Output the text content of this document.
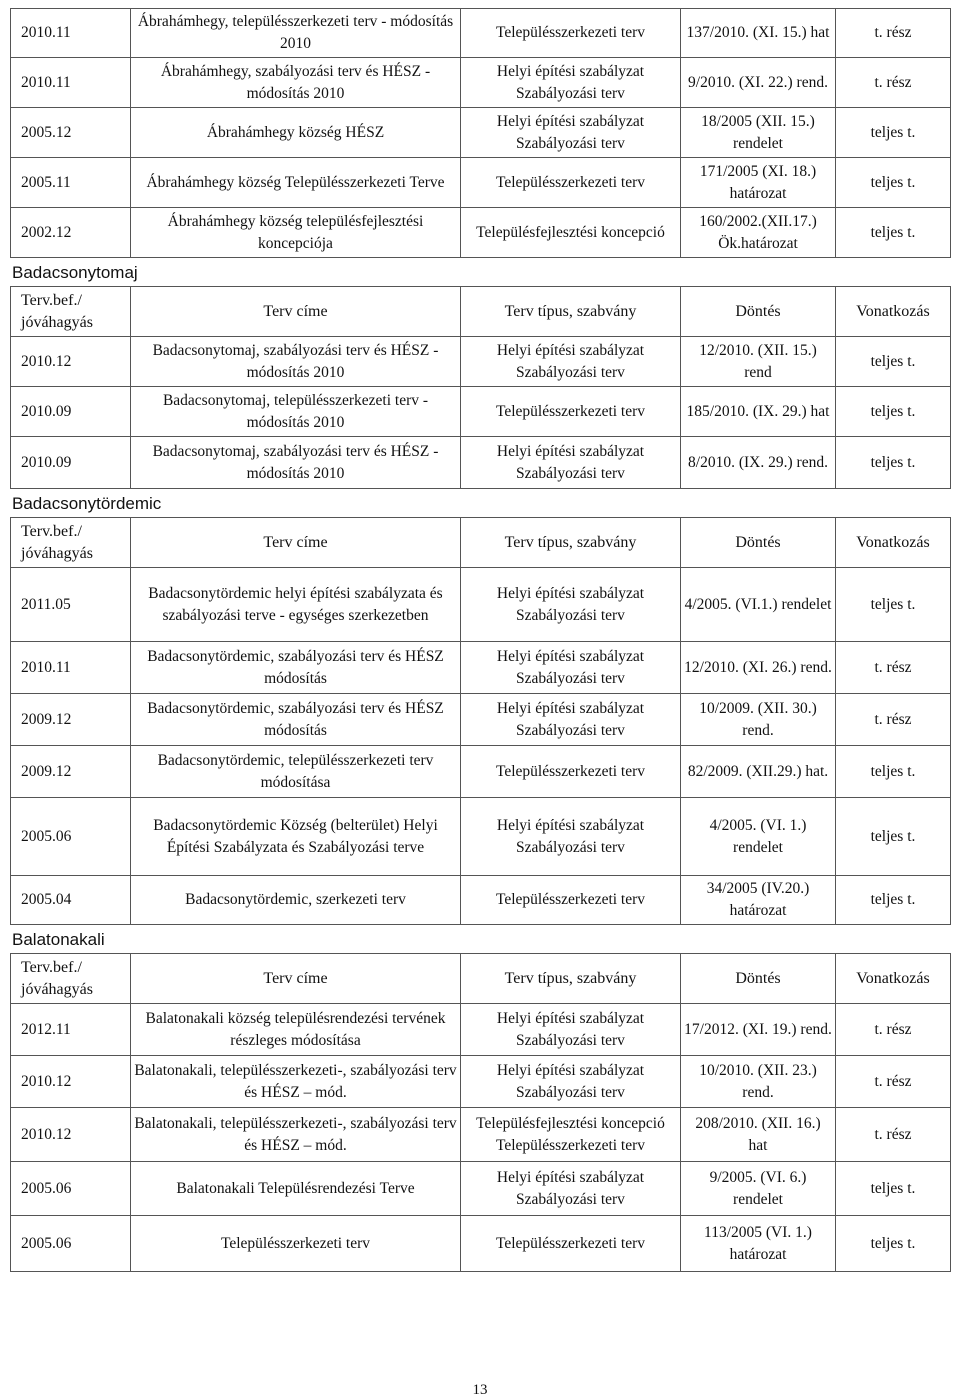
2010.11	Ábrahámhegy, településszerkezeti terv - módosítás 2010	Településszerkezeti terv	137/2010. (XI. 15.) hat	t. rész
2010.11	Ábrahámhegy, szabályozási terv és HÉSZ - módosítás 2010	Helyi építési szabályzat Szabályozási terv	9/2010. (XI. 22.) rend.	t. rész
2005.12	Ábrahámhegy község HÉSZ	Helyi építési szabályzat Szabályozási terv	18/2005 (XII. 15.) rendelet	teljes t.
2005.11	Ábrahámhegy község Településszerkezeti Terve	Településszerkezeti terv	171/2005 (XI. 18.) határozat	teljes t.
2002.12	Ábrahámhegy község településfejlesztési koncepciója	Településfejlesztési koncepció	160/2002.(XII.17.) Ök.határozat	teljes t.
Badacsonytomaj
Terv.bef./ jóváhagyás	Terv címe	Terv típus, szabvány	Döntés	Vonatkozás
2010.12	Badacsonytomaj, szabályozási terv és HÉSZ - módosítás 2010	Helyi építési szabályzat Szabályozási terv	12/2010. (XII. 15.) rend	teljes t.
2010.09	Badacsonytomaj, településszerkezeti terv - módosítás 2010	Településszerkezeti terv	185/2010. (IX. 29.) hat	teljes t.
2010.09	Badacsonytomaj, szabályozási terv és HÉSZ - módosítás 2010	Helyi építési szabályzat Szabályozási terv	8/2010. (IX. 29.) rend.	teljes t.
Badacsonytördemic
Terv.bef./ jóváhagyás	Terv címe	Terv típus, szabvány	Döntés	Vonatkozás
2011.05	Badacsonytördemic helyi építési szabályzata és szabályozási terve - egységes szerkezetben	Helyi építési szabályzat Szabályozási terv	4/2005. (VI.1.) rendelet	teljes t.
2010.11	Badacsonytördemic, szabályozási terv és HÉSZ módosítás	Helyi építési szabályzat Szabályozási terv	12/2010. (XI. 26.) rend.	t. rész
2009.12	Badacsonytördemic, szabályozási terv és HÉSZ módosítás	Helyi építési szabályzat Szabályozási terv	10/2009. (XII. 30.) rend.	t. rész
2009.12	Badacsonytördemic, településszerkezeti terv módosítása	Településszerkezeti terv	82/2009. (XII.29.) hat.	teljes t.
2005.06	Badacsonytördemic Község (belterület) Helyi Építési Szabályzata és Szabályozási terve	Helyi építési szabályzat Szabályozási terv	4/2005. (VI. 1.) rendelet	teljes t.
2005.04	Badacsonytördemic, szerkezeti terv	Településszerkezeti terv	34/2005 (IV.20.) határozat	teljes t.
Balatonakali
Terv.bef./ jóváhagyás	Terv címe	Terv típus, szabvány	Döntés	Vonatkozás
2012.11	Balatonakali község településrendezési tervének részleges módosítása	Helyi építési szabályzat Szabályozási terv	17/2012. (XI. 19.) rend.	t. rész
2010.12	Balatonakali, településszerkezeti-, szabályozási terv és HÉSZ – mód.	Helyi építési szabályzat Szabályozási terv	10/2010. (XII. 23.) rend.	t. rész
2010.12	Balatonakali, településszerkezeti-, szabályozási terv és HÉSZ – mód.	Településfejlesztési koncepció Településszerkezeti terv	208/2010. (XII. 16.) hat	t. rész
2005.06	Balatonakali Településrendezési Terve	Helyi építési szabályzat Szabályozási terv	9/2005. (VI. 6.) rendelet	teljes t.
2005.06	Településszerkezeti terv	Településszerkezeti terv	113/2005 (VI. 1.) határozat	teljes t.
13
